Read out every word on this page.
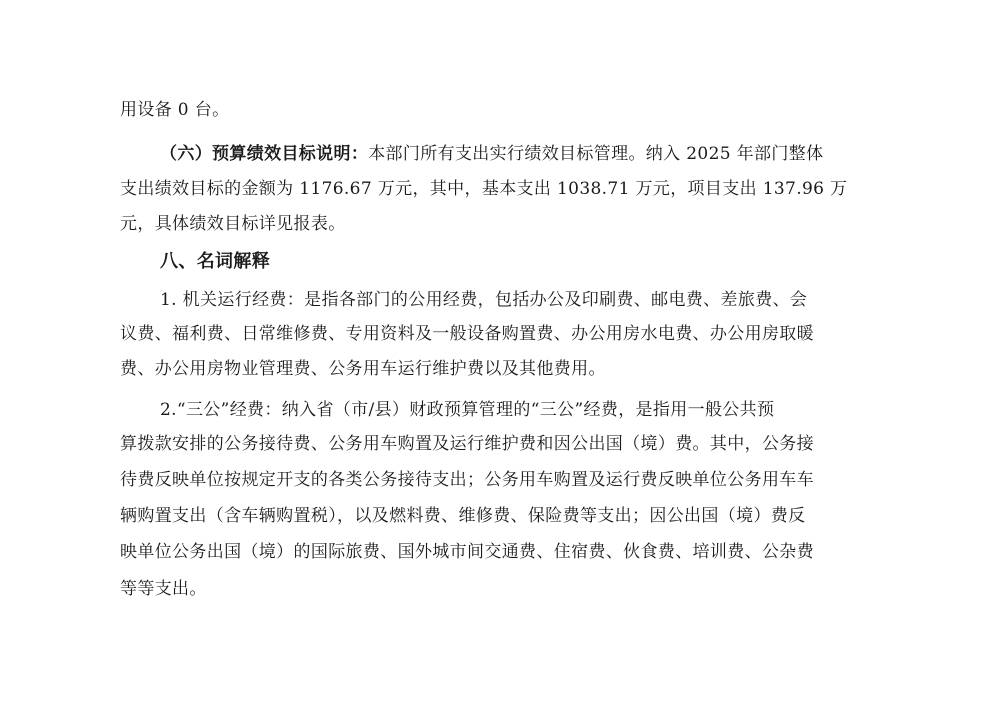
用设备 0 台。
（六）预算绩效目标说明：本部门所有支出实行绩效目标管理。纳入 2025 年部门整体
支出绩效目标的金额为 1176.67 万元，其中，基本支出 1038.71 万元，项目支出 137.96 万
元，具体绩效目标详见报表。
八、名词解释
1. 机关运行经费：是指各部门的公用经费，包括办公及印刷费、邮电费、差旅费、会
议费、福利费、日常维修费、专用资料及一般设备购置费、办公用房水电费、办公用房取暖
费、办公用房物业管理费、公务用车运行维护费以及其他费用。
2.“三公”经费：纳入省（市/县）财政预算管理的“三公”经费，是指用一般公共预
算拨款安排的公务接待费、公务用车购置及运行维护费和因公出国（境）费。其中，公务接
待费反映单位按规定开支的各类公务接待支出；公务用车购置及运行费反映单位公务用车车
辆购置支出（含车辆购置税），以及燃料费、维修费、保险费等支出；因公出国（境）费反
映单位公务出国（境）的国际旅费、国外城市间交通费、住宿费、伙食费、培训费、公杂费
等等支出。
